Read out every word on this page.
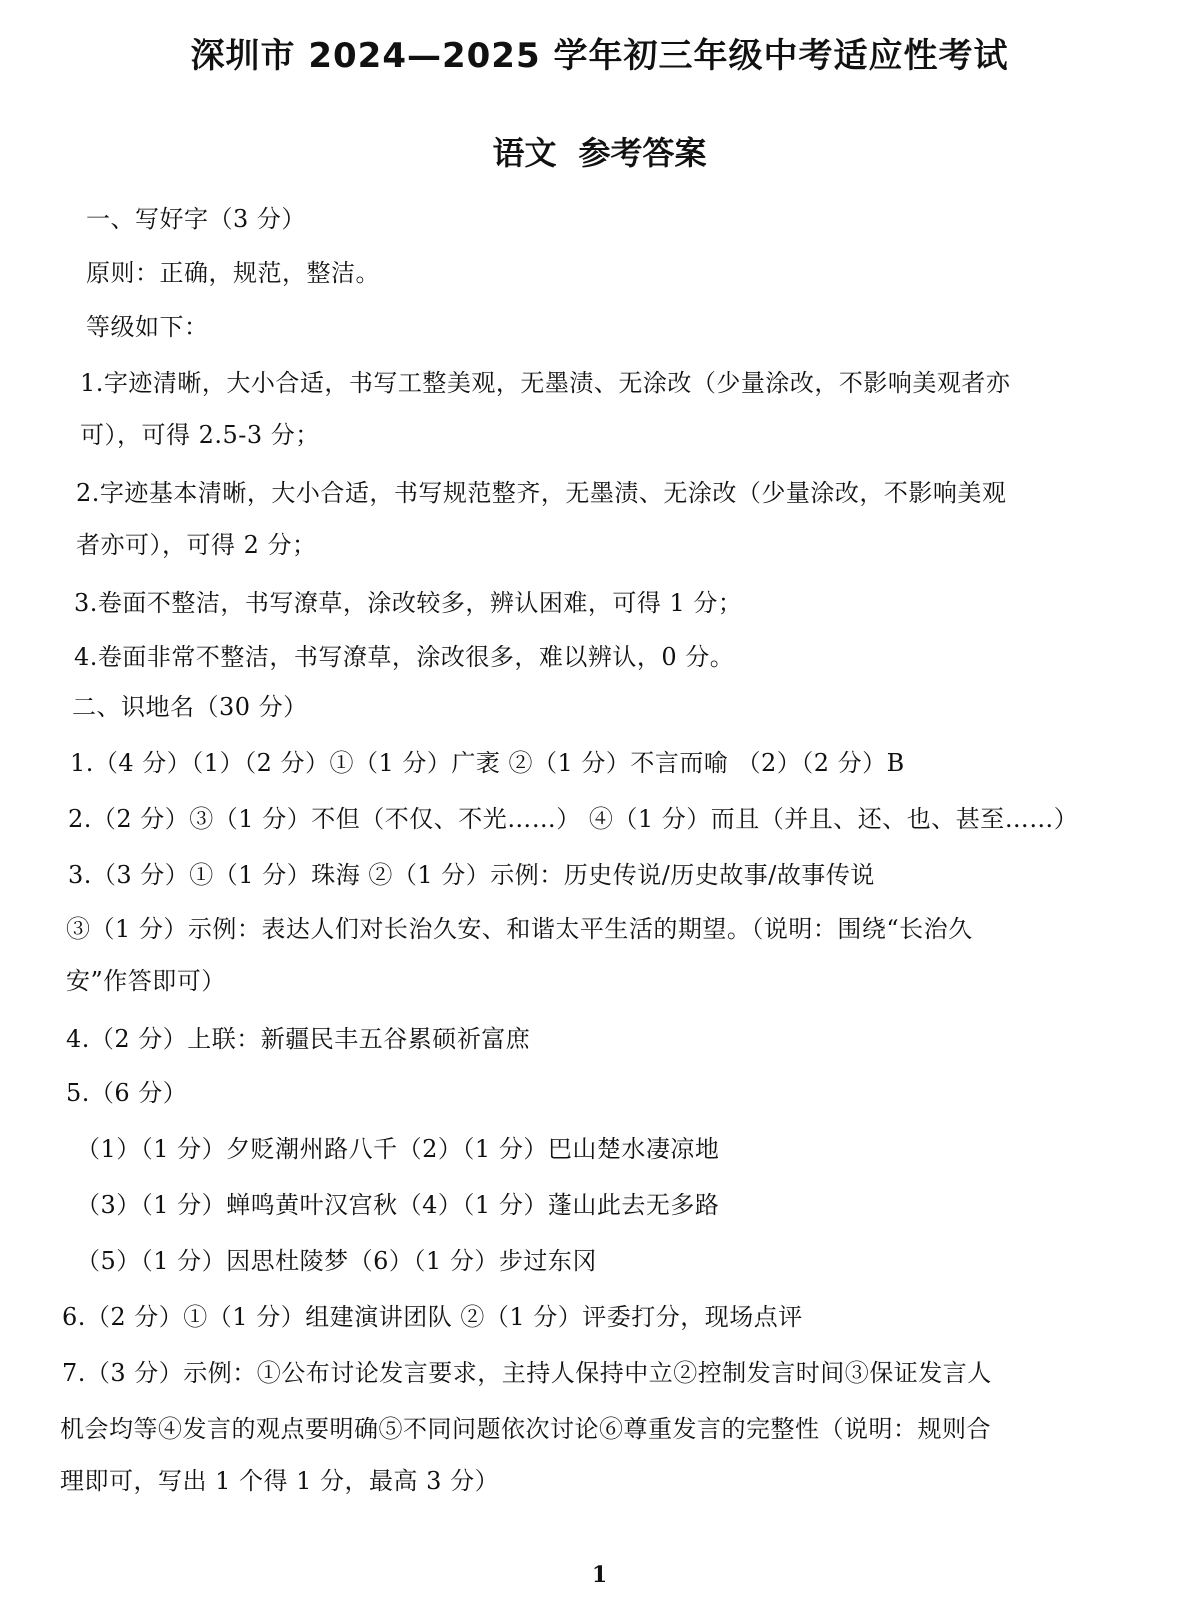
深圳市 2024—2025 学年初三年级中考适应性考试
语文 参考答案
一、写好字（3 分）
原则：正确，规范，整洁。
等级如下：
1.字迹清晰，大小合适，书写工整美观，无墨渍、无涂改（少量涂改，不影响美观者亦
可），可得 2.5-3 分；
2.字迹基本清晰，大小合适，书写规范整齐，无墨渍、无涂改（少量涂改，不影响美观
者亦可），可得 2 分；
3.卷面不整洁，书写潦草，涂改较多，辨认困难，可得 1 分；
4.卷面非常不整洁，书写潦草，涂改很多，难以辨认，0 分。
二、识地名（30 分）
1.（4 分）（1）（2 分）①（1 分）广袤 ②（1 分）不言而喻 （2）（2 分）B
2.（2 分）③（1 分）不但（不仅、不光……） ④（1 分）而且（并且、还、也、甚至……）
3.（3 分）①（1 分）珠海 ②（1 分）示例：历史传说/历史故事/故事传说
③（1 分）示例：表达人们对长治久安、和谐太平生活的期望。（说明：围绕“长治久
安”作答即可）
4.（2 分）上联：新疆民丰五谷累硕祈富庶
5.（6 分）
（1）（1 分）夕贬潮州路八千（2）（1 分）巴山楚水凄凉地
（3）（1 分）蝉鸣黄叶汉宫秋（4）（1 分）蓬山此去无多路
（5）（1 分）因思杜陵梦（6）（1 分）步过东冈
6.（2 分）①（1 分）组建演讲团队 ②（1 分）评委打分，现场点评
7.（3 分）示例：①公布讨论发言要求，主持人保持中立②控制发言时间③保证发言人
机会均等④发言的观点要明确⑤不同问题依次讨论⑥尊重发言的完整性（说明：规则合
理即可，写出 1 个得 1 分，最高 3 分）
1
